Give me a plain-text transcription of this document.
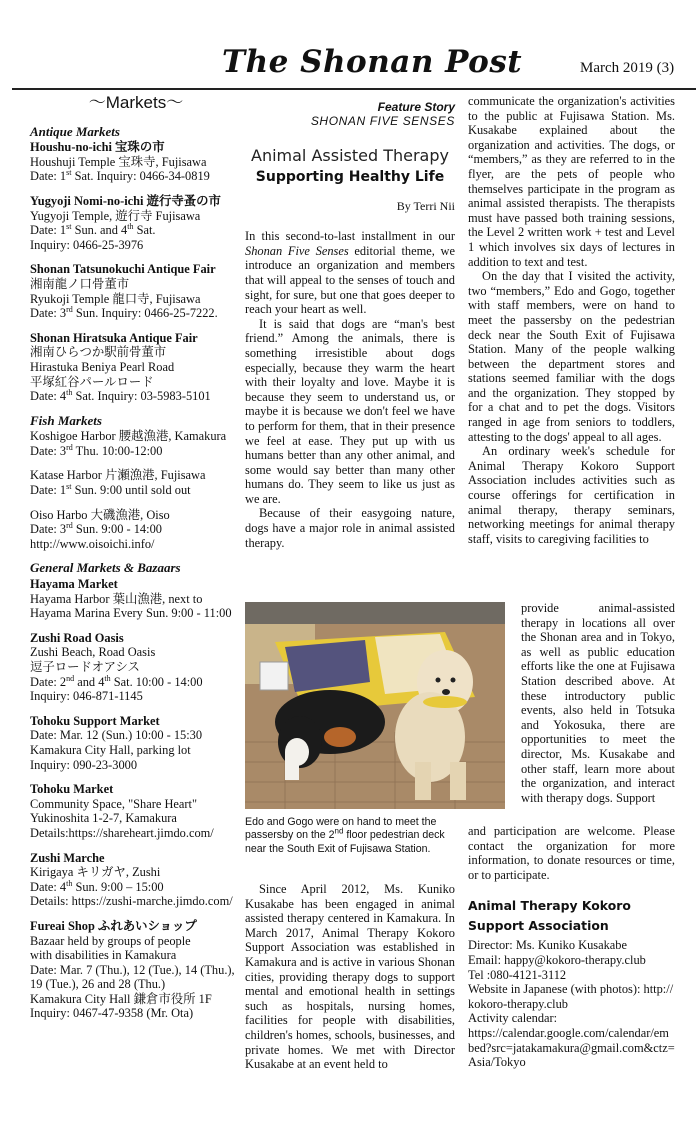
The Shonan Post	March 2019 (3)
〜Markets〜
Antique Markets
Houshu-no-ichi 宝珠の市
Houshuji Temple 宝珠寺, Fujisawa
Date: 1st Sat. Inquiry: 0466-34-0819
Yugyoji Nomi-no-ichi 遊行寺蚤の市
Yugyoji Temple, 遊行寺 Fujisawa
Date: 1st Sun. and 4th Sat.
Inquiry: 0466-25-3976
Shonan Tatsunokuchi Antique Fair
湘南龍ノ口骨董市
Ryukoji Temple 龍口寺, Fujisawa
Date: 3rd Sun. Inquiry: 0466-25-7222.
Shonan Hiratsuka Antique Fair
湘南ひらつか駅前骨董市
Hirastuka Beniya Pearl Road
平塚紅谷パールロード
Date: 4th Sat. Inquiry: 03-5983-5101
Fish Markets
Koshigoe Harbor 腰越漁港, Kamakura
Date: 3rd Thu. 10:00-12:00
Katase Harbor 片瀬漁港, Fujisawa
Date: 1st Sun. 9:00 until sold out
Oiso Harbo 大磯漁港, Oiso
Date: 3rd Sun. 9:00 - 14:00
http://www.oisoichi.info/
General Markets & Bazaars
Hayama Market
Hayama Harbor 葉山漁港, next to
Hayama Marina Every Sun. 9:00 - 11:00
Zushi Road Oasis
Zushi Beach, Road Oasis
逗子ロードオアシス
Date: 2nd and 4th Sat. 10:00 - 14:00
Inquiry: 046-871-1145
Tohoku Support Market
Date: Mar. 12 (Sun.) 10:00 - 15:30
Kamakura City Hall, parking lot
Inquiry: 090-23-3000
Tohoku Market
Community Space, "Share Heart"
Yukinoshita 1-2-7, Kamakura
Details:https://shareheart.jimdo.com/
Zushi Marche
Kirigaya キリガヤ, Zushi
Date: 4th Sun. 9:00 – 15:00
Details: https://zushi-marche.jimdo.com/
Fureai Shop ふれあいショップ
Bazaar held by groups of people
with disabilities in Kamakura
Date: Mar. 7 (Thu.), 12 (Tue.), 14 (Thu.),
19 (Tue.), 26 and 28 (Thu.)
Kamakura City Hall 鎌倉市役所 1F
Inquiry: 0467-47-9358 (Mr. Ota)
Feature Story
SHONAN FIVE SENSES
Animal Assisted Therapy
Supporting Healthy Life
By Terri Nii

In this second-to-last installment in our Shonan Five Senses editorial theme, we introduce an organization and members that will appeal to the senses of touch and sight, for sure, but one that goes deeper to reach your heart as well.

It is said that dogs are “man's best friend.” Among the animals, there is something irresistible about dogs especially, because they warm the heart with their loyalty and love. Maybe it is because they seem to understand us, or maybe it is because we don't feel we have to perform for them, that in their presence we feel at ease. They put up with us humans better than any other animal, and some would say better than many other humans do. They seem to like us just as we are.

Because of their easygoing nature, dogs have a major role in animal assisted therapy.

Edo and Gogo were on hand to meet the passersby on the 2nd floor pedestrian deck near the South Exit of Fujisawa Station.

Since April 2012, Ms. Kuniko Kusakabe has been engaged in animal assisted therapy centered in Kamakura. In March 2017, Animal Therapy Kokoro Support Association was established in Kamakura and is active in various Shonan cities, providing therapy dogs to support mental and emotional health in settings such as hospitals, nursing homes, facilities for people with disabilities, children's homes, schools, businesses, and private homes. We met with Director Kusakabe at an event held to

communicate the organization's activities to the public at Fujisawa Station. Ms. Kusakabe explained about the organization and activities. The dogs, or “members,” as they are referred to in the flyer, are the pets of people who themselves participate in the program as animal assisted therapists. The therapists must have passed both training sessions, the Level 2 written work + test and Level 1 which involves six days of lectures in addition to text and test.

On the day that I visited the activity, two “members,” Edo and Gogo, together with staff members, were on hand to meet the passersby on the pedestrian deck near the South Exit of Fujisawa Station. Many of the people walking between the department stores and stations seemed familiar with the dogs and the organization. They stopped by for a chat and to pet the dogs. Visitors ranged in age from seniors to toddlers, attesting to the dogs' appeal to all ages.

An ordinary week's schedule for Animal Therapy Kokoro Support Association includes activities such as course offerings for certification in animal therapy, therapy seminars, networking meetings for animal therapy staff, visits to caregiving facilities to

provide animal-assisted therapy in locations all over the Shonan area and in Tokyo, as well as public education efforts like the one at Fujisawa Station described above. At these introductory public events, also held in Totsuka and Yokosuka, there are opportunities to meet the director, Ms. Kusakabe and other staff, learn more about the organization, and interact with therapy dogs. Support

and participation are welcome. Please contact the organization for more information, to donate resources or time, or to participate.

Animal Therapy Kokoro Support Association
Director: Ms. Kuniko Kusakabe
Email: happy@kokoro-therapy.club
Tel :080-4121-3112
Website in Japanese (with photos): http://kokoro-therapy.club
Activity calendar:
https://calendar.google.com/calendar/embed?src=jatakamakura@gmail.com&ctz=Asia/Tokyo
